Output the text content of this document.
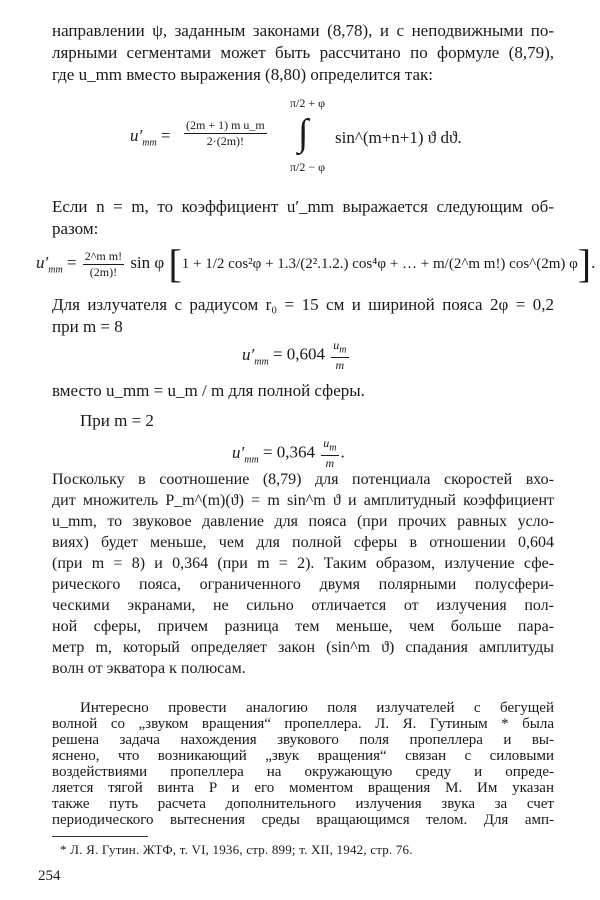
направлении ψ, заданным законами (8,78), и с неподвижными по-
лярными сегментами может быть рассчитано по формуле (8,79),
где u_mm вместо выражения (8,80) определится так:
π/2 + φ
$u'_{mm} = \frac{\text{(2m + 1) m u\_m}}{2\cdot(2m)!}$ ∫ sin^(m+n+1) ϑ dϑ.
π/2 − φ
Если n = m, то коэффициент u′_mm выражается следующим об-
разом:
$u'_{mm} = \frac{\text{2\textasciicircum{}m m!}}{(2m)!}$ sin φ [1 + 1/2 cos²φ + 1.3/(2².1.2.) cos⁴φ + … + m/(2^m m!) cos^(2m) φ].
Для излучателя с радиусом r₀ = 15 см и шириной пояса 2φ = 0,2
при m = 8
$u'_{mm} = 0,604 \frac{u_m}{m}$
вместо u_mm = u_m / m для полной сферы.
При m = 2
$u'_{mm} = 0,364 \frac{u_m}{m}$ .
Поскольку в соотношение (8,79) для потенциала скоростей вхо-
дит множитель P_m^(m)(ϑ) = m sin^m ϑ и амплитудный коэффициент
u_mm, то звуковое давление для пояса (при прочих равных усло-
виях) будет меньше, чем для полной сферы в отношении 0,604
(при m = 8) и 0,364 (при m = 2). Таким образом, излучение сфе-
рического пояса, ограниченного двумя полярными полусфери-
ческими экранами, не сильно отличается от излучения пол-
ной сферы, причем разница тем меньше, чем больше пара-
метр m, который определяет закон (sin^m ϑ) спадания амплитуды
волн от экватора к полюсам.
Интересно провести аналогию поля излучателей с бегущей
волной со „звуком вращения“ пропеллера. Л. Я. Гутиным * была
решена задача нахождения звукового поля пропеллера и вы-
яснено, что возникающий „звук вращения“ связан с силовыми
* Л. Я. Гутин. ЖТФ, т. VI, 1936, стр. 899; т. XII, 1942, стр. 76.
254
воздействиями пропеллера на окружающую среду и опреде-
ляется тягой винта P и его моментом вращения M. Им указан
также путь расчета дополнительного излучения звука за счет
периодического вытеснения среды вращающимся телом. Для амп-
